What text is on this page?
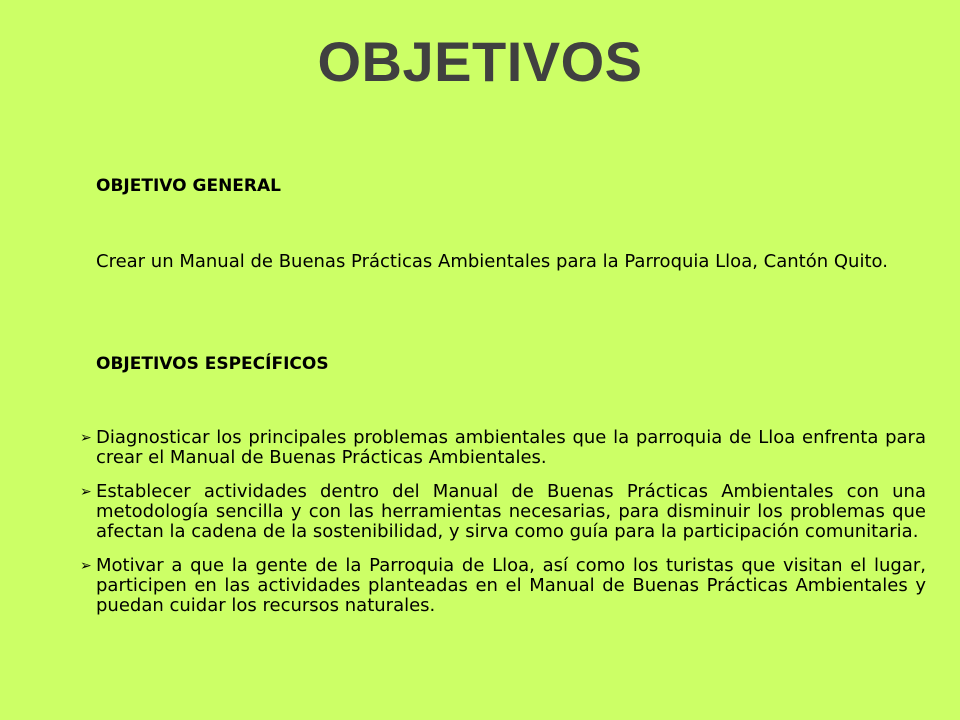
OBJETIVOS
OBJETIVO GENERAL
Crear un Manual de Buenas Prácticas Ambientales para la Parroquia Lloa, Cantón Quito.
OBJETIVOS ESPECÍFICOS
➢ Diagnosticar los principales problemas ambientales que la parroquia de Lloa enfrenta para crear el Manual de Buenas Prácticas Ambientales.
➢ Establecer actividades dentro del Manual de Buenas Prácticas Ambientales con una metodología sencilla y con las herramientas necesarias, para disminuir los problemas que afectan la cadena de la sostenibilidad, y sirva como guía para la participación comunitaria.
➢ Motivar a que la gente de la Parroquia de Lloa, así como los turistas que visitan el lugar, participen en las actividades planteadas en el Manual de Buenas Prácticas Ambientales y puedan cuidar los recursos naturales.
